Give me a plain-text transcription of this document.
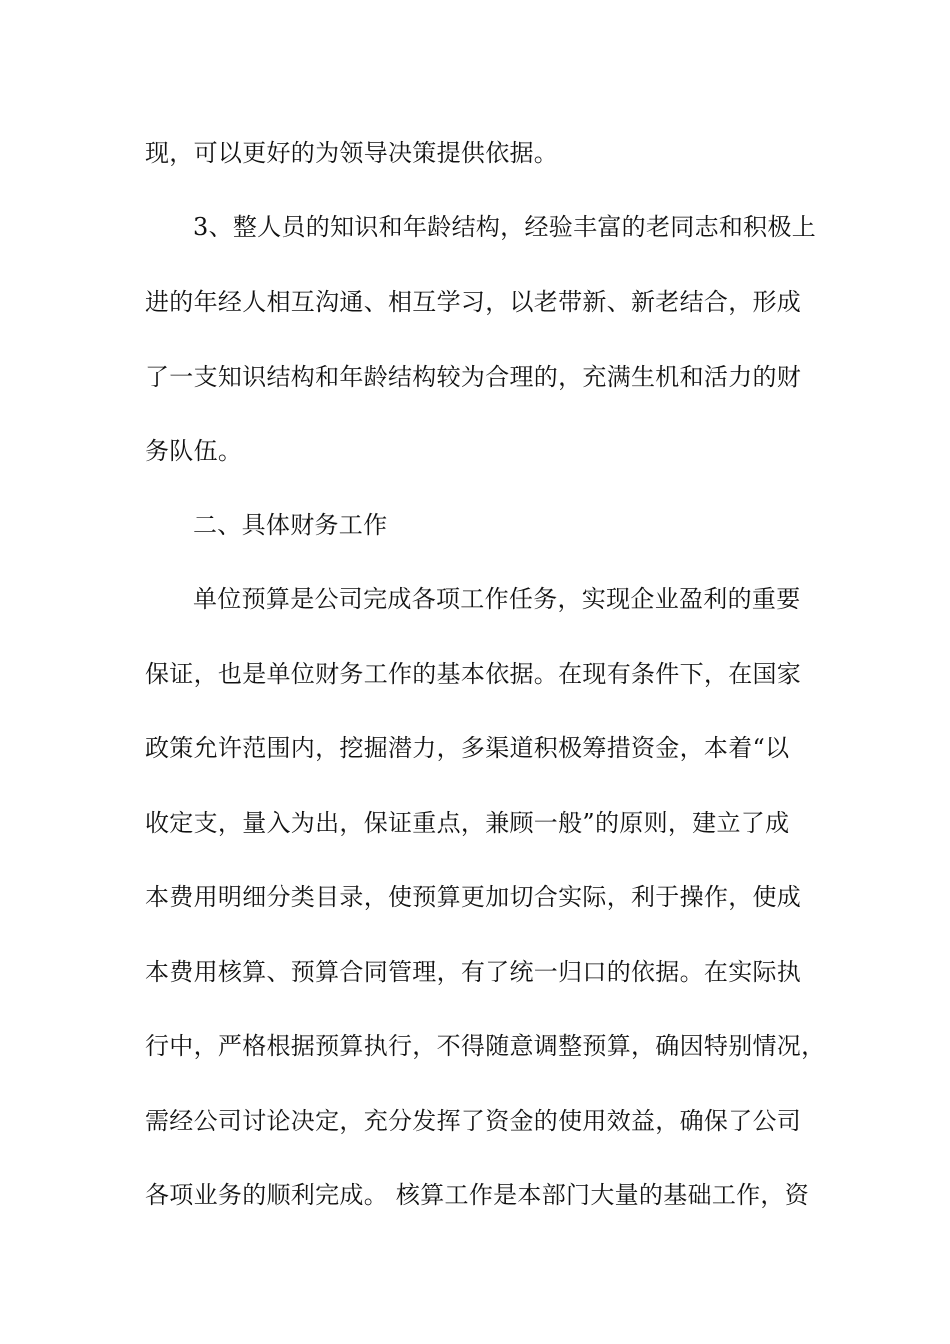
现，可以更好的为领导决策提供依据。

3、整人员的知识和年龄结构，经验丰富的老同志和积极上

进的年经人相互沟通、相互学习，以老带新、新老结合，形成

了一支知识结构和年龄结构较为合理的，充满生机和活力的财

务队伍。

二、具体财务工作

单位预算是公司完成各项工作任务，实现企业盈利的重要

保证，也是单位财务工作的基本依据。在现有条件下，在国家

政策允许范围内，挖掘潜力，多渠道积极筹措资金，本着“以

收定支，量入为出，保证重点，兼顾一般”的原则，建立了成

本费用明细分类目录，使预算更加切合实际，利于操作，使成

本费用核算、预算合同管理，有了统一归口的依据。在实际执

行中，严格根据预算执行，不得随意调整预算，确因特别情况，

需经公司讨论决定，充分发挥了资金的使用效益，确保了公司

各项业务的顺利完成。 核算工作是本部门大量的基础工作，资
